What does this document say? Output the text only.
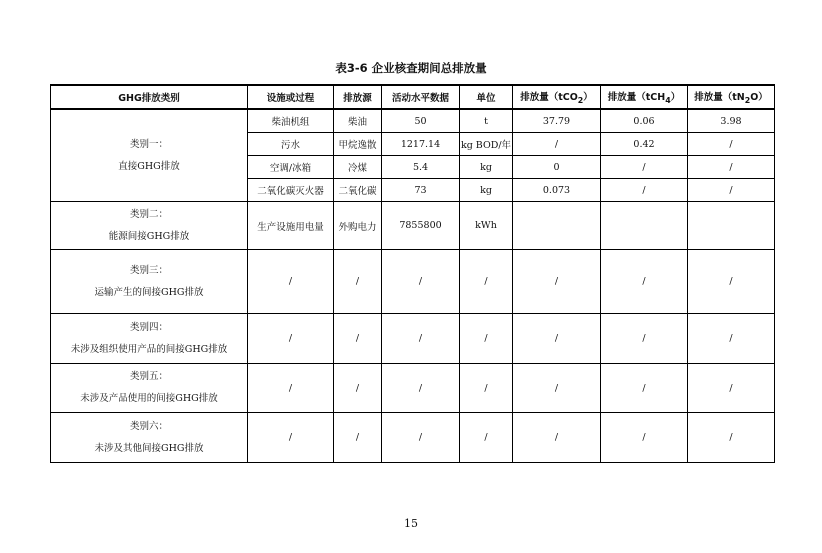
表3-6 企业核查期间总排放量
GHG排放类别	设施或过程	排放源	活动水平数据	单位	排放量（tCO$_2$）	排放量（tCH$_4$）	排放量$(tN_2O)$

类别一：
直接GHG排放	柴油机组	柴油	50	t	37.79	0.06	3.98
	污水	甲烷逸散	1217.14	kg BOD/年	/	0.42	/
	空调/冰箱	冷煤	5.4	kg	0	/	/
	二氧化碳灭火器	二氧化碳	73	kg	0.073	/	/

类别二：
能源间接GHG排放	生产设施用电量	外购电力	7855800	kWh			

类别三：
运输产生的间接GHG排放	/	/	/	/	/	/	/

类别四：
未涉及组织使用产品的间接GHG排放	/	/	/	/	/	/	/

类别五：
未涉及产品使用的间接GHG排放	/	/	/	/	/	/	/

类别六：
未涉及其他间接GHG排放	/	/	/	/	/	/	/
15
